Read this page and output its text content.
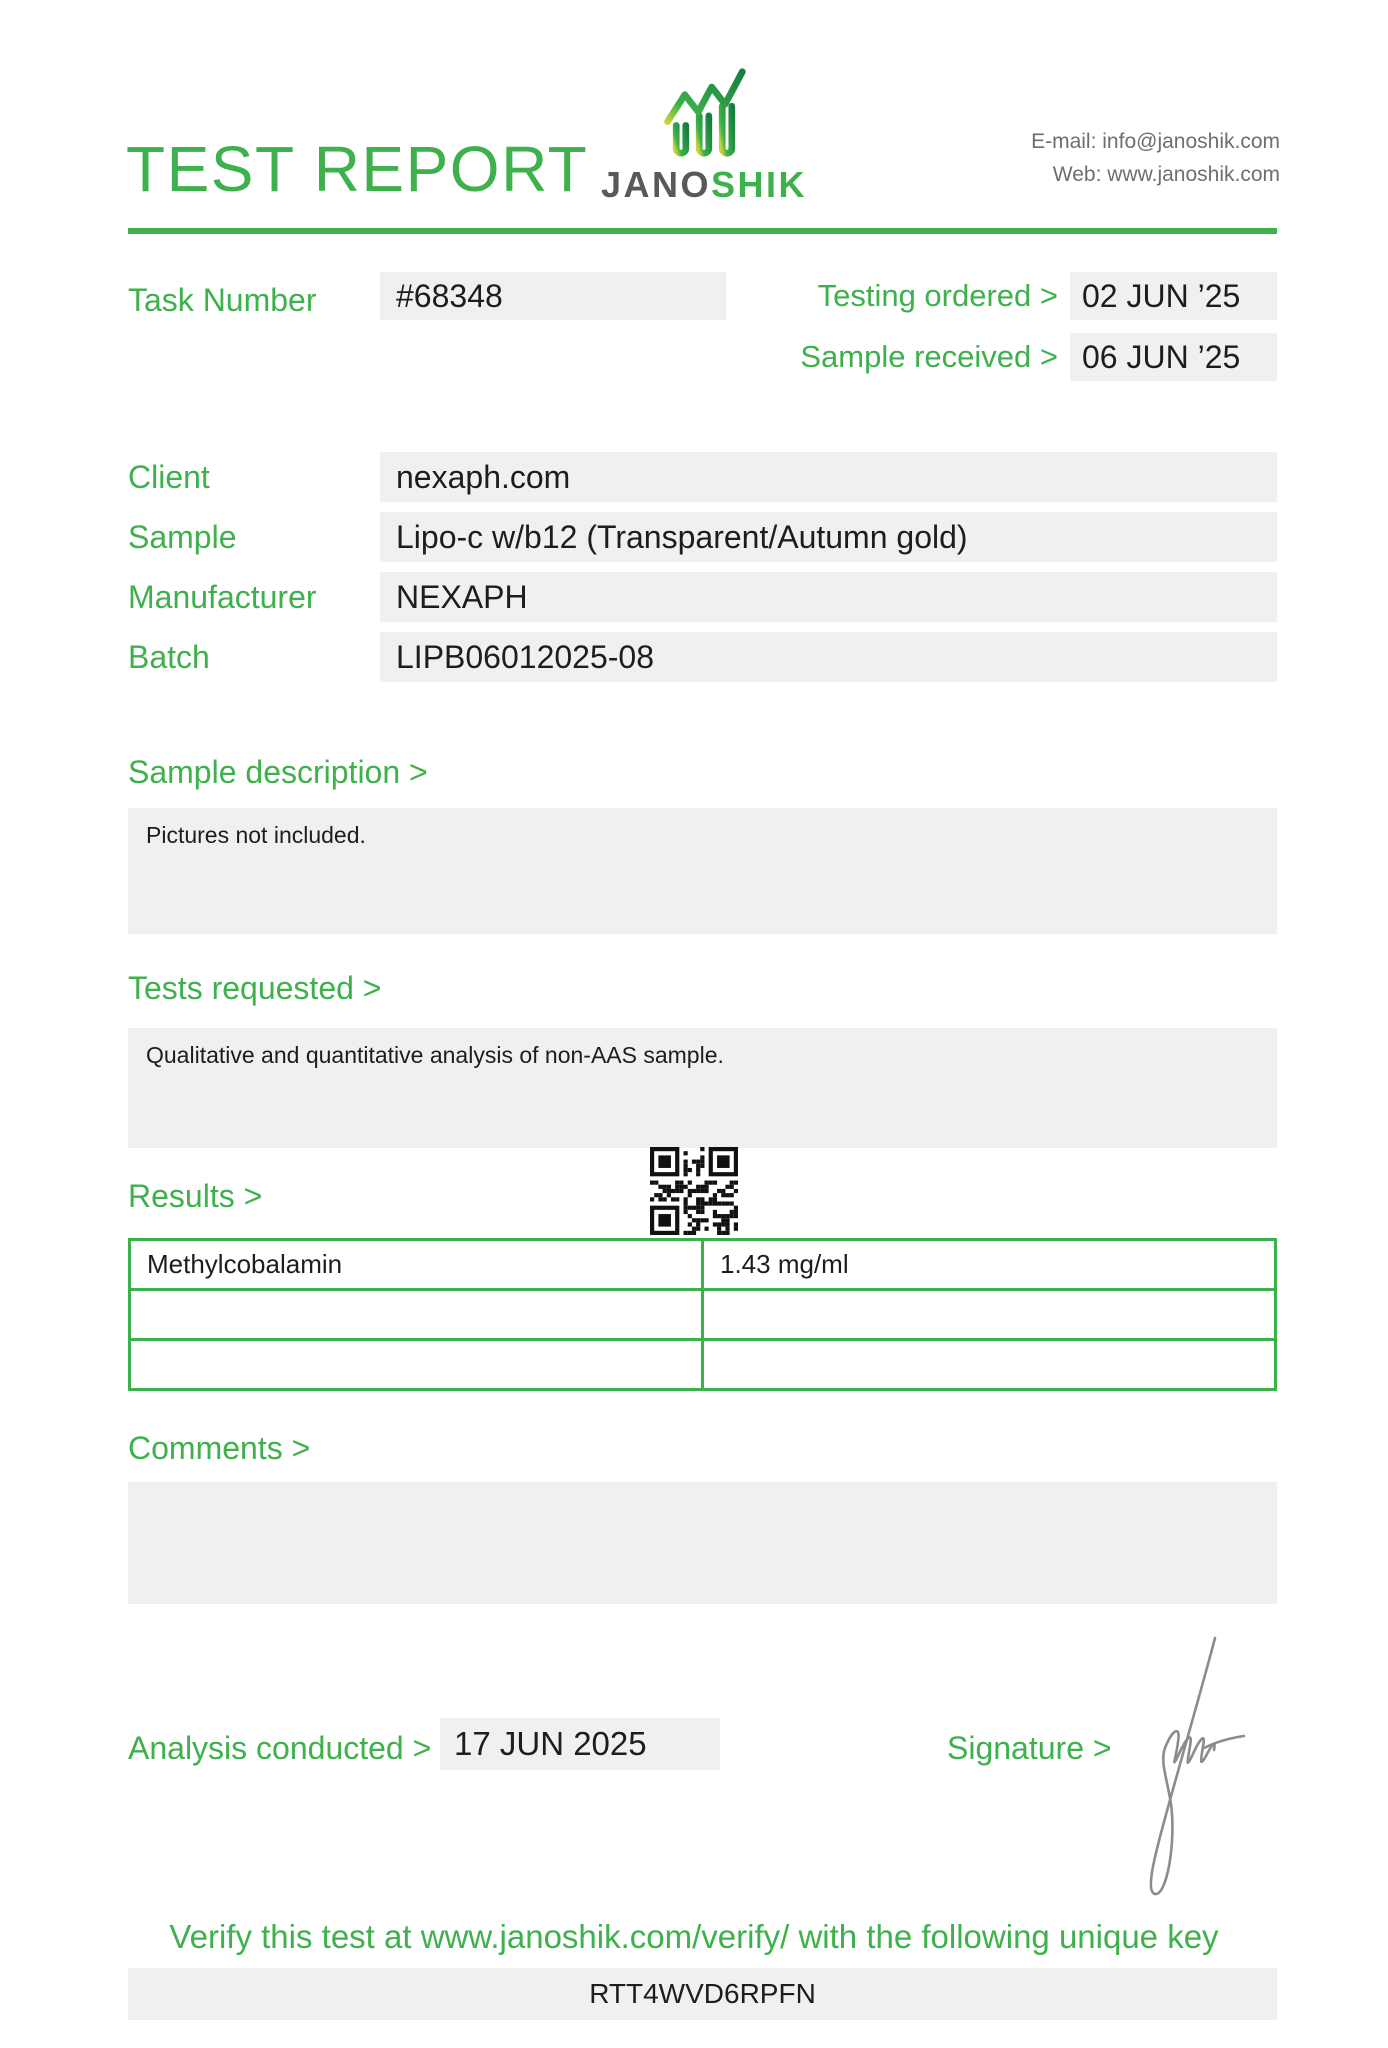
TEST REPORT JANOSHIK
E-mail: info@janoshik.com
Web: www.janoshik.com
Task Number	#68348	Testing ordered > 02 JUN ’25
Sample received > 06 JUN ’25
Client	nexaph.com
Sample	Lipo-c w/b12 (Transparent/Autumn gold)
Manufacturer	NEXAPH
Batch	LIPB06012025-08
Sample description >
Pictures not included.
Tests requested >
Qualitative and quantitative analysis of non-AAS sample.
Results >
Methylcobalamin	1.43 mg/ml

Comments >
Analysis conducted > 17 JUN 2025	Signature >
Verify this test at www.janoshik.com/verify/ with the following unique key
RTT4WVD6RPFN
